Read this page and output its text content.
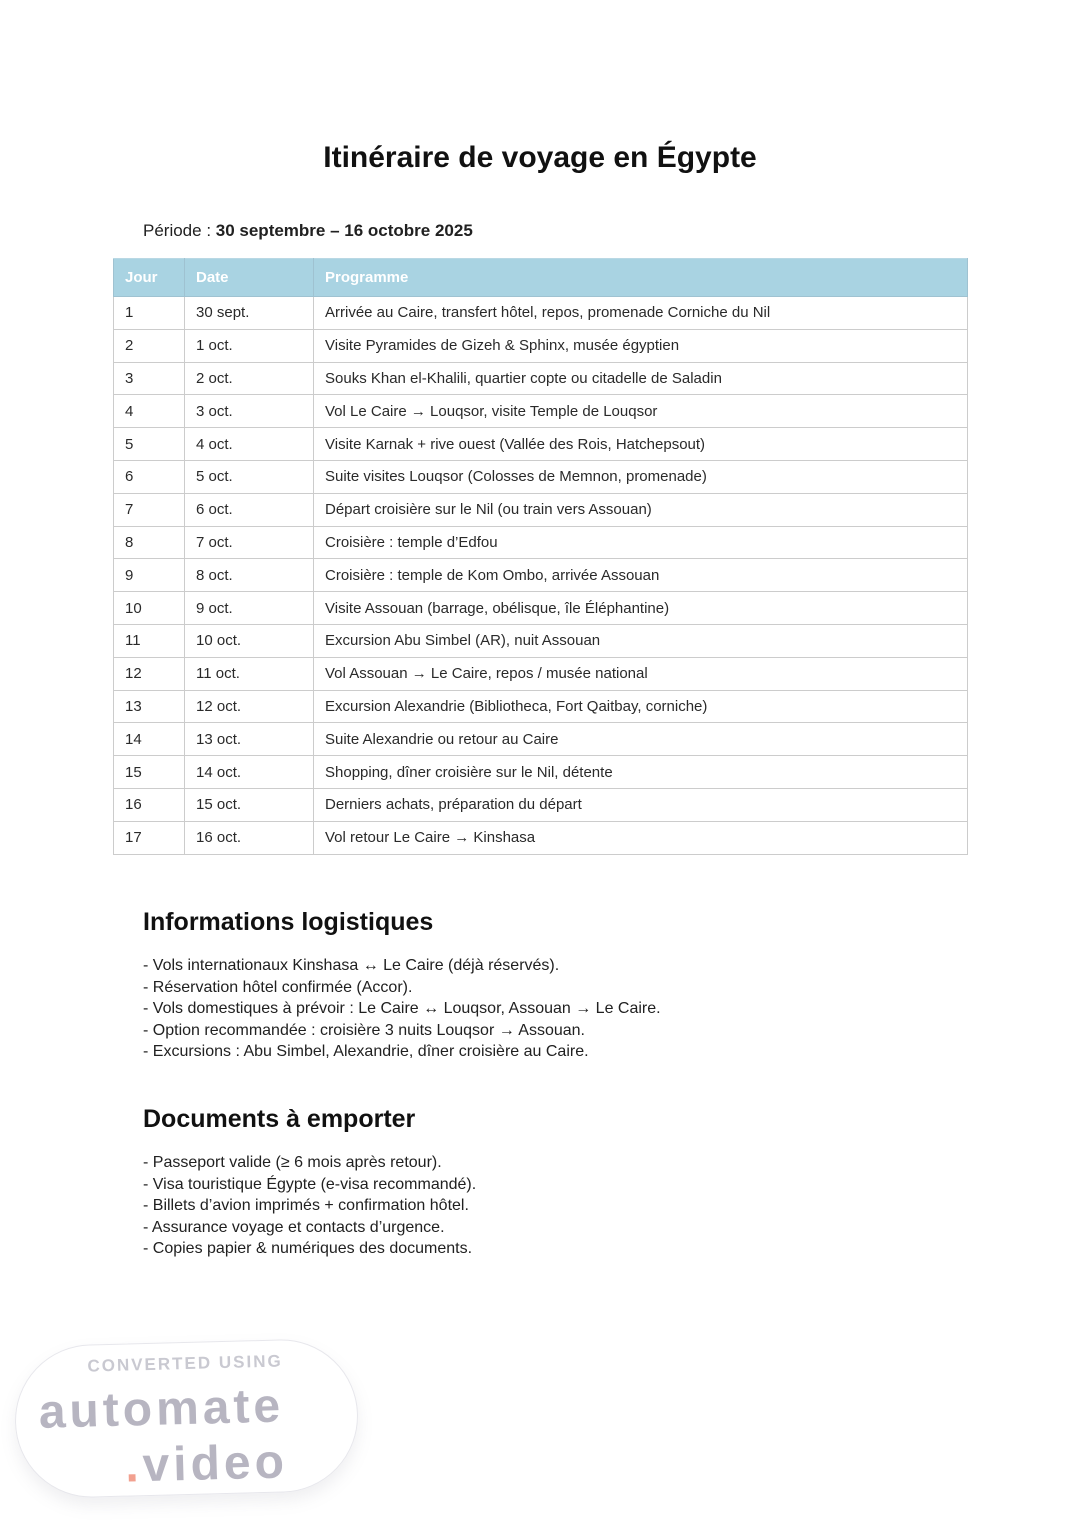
Itinéraire de voyage en Égypte

Période : 30 septembre – 16 octobre 2025

Jour	Date	Programme
1	30 sept.	Arrivée au Caire, transfert hôtel, repos, promenade Corniche du Nil
2	1 oct.	Visite Pyramides de Gizeh & Sphinx, musée égyptien
3	2 oct.	Souks Khan el-Khalili, quartier copte ou citadelle de Saladin
4	3 oct.	Vol Le Caire → Louqsor, visite Temple de Louqsor
5	4 oct.	Visite Karnak + rive ouest (Vallée des Rois, Hatchepsout)
6	5 oct.	Suite visites Louqsor (Colosses de Memnon, promenade)
7	6 oct.	Départ croisière sur le Nil (ou train vers Assouan)
8	7 oct.	Croisière : temple d’Edfou
9	8 oct.	Croisière : temple de Kom Ombo, arrivée Assouan
10	9 oct.	Visite Assouan (barrage, obélisque, île Éléphantine)
11	10 oct.	Excursion Abu Simbel (AR), nuit Assouan
12	11 oct.	Vol Assouan → Le Caire, repos / musée national
13	12 oct.	Excursion Alexandrie (Bibliotheca, Fort Qaitbay, corniche)
14	13 oct.	Suite Alexandrie ou retour au Caire
15	14 oct.	Shopping, dîner croisière sur le Nil, détente
16	15 oct.	Derniers achats, préparation du départ
17	16 oct.	Vol retour Le Caire → Kinshasa
Informations logistiques
- Vols internationaux Kinshasa ↔ Le Caire (déjà réservés).
- Réservation hôtel confirmée (Accor).
- Vols domestiques à prévoir : Le Caire ↔ Louqsor, Assouan → Le Caire.
- Option recommandée : croisière 3 nuits Louqsor → Assouan.
- Excursions : Abu Simbel, Alexandrie, dîner croisière au Caire.
Documents à emporter
- Passeport valide (≥ 6 mois après retour).
- Visa touristique Égypte (e-visa recommandé).
- Billets d’avion imprimés + confirmation hôtel.
- Assurance voyage et contacts d’urgence.
- Copies papier & numériques des documents.
CONVERTED USING
automate
.video
